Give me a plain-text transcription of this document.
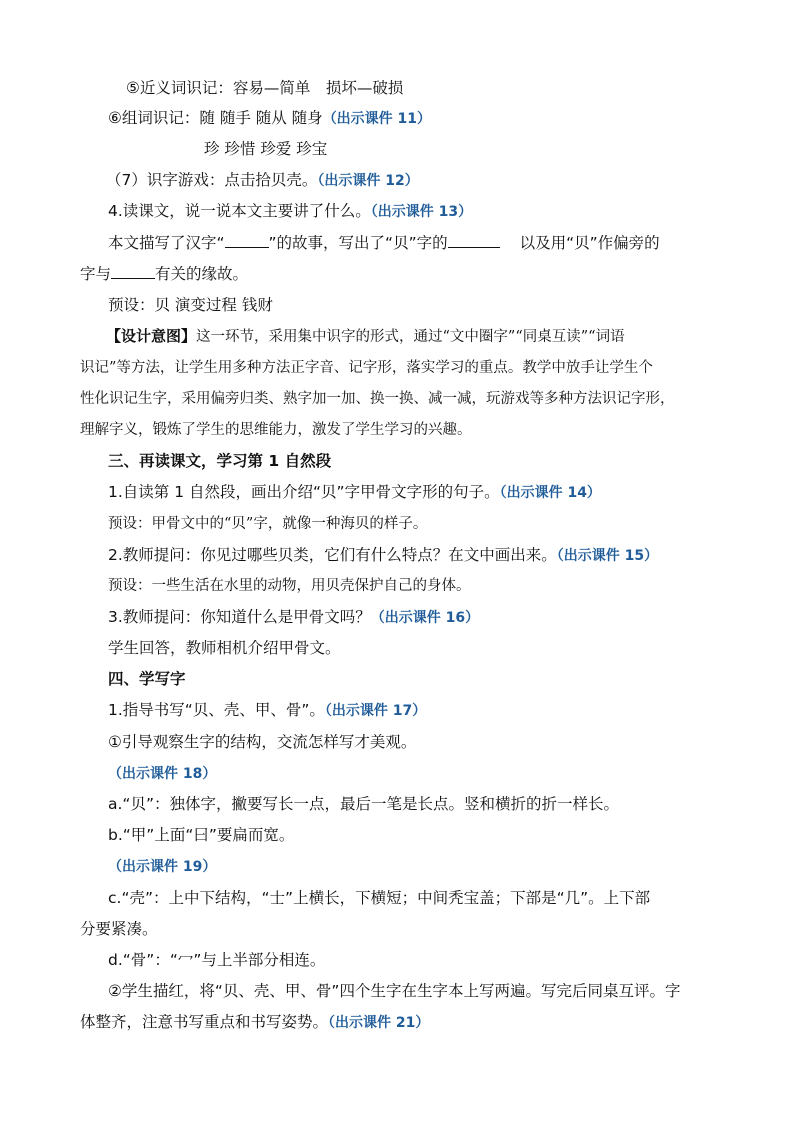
⑤近义词识记：容易—简单　损坏—破损
⑥组词识记：随 随手 随从 随身（出示课件 11）
珍 珍惜 珍爱 珍宝
（7）识字游戏：点击拾贝壳。（出示课件 12）
4.读课文，说一说本文主要讲了什么。（出示课件 13）
本文描写了汉字“	”的故事，写出了“贝”字的	以及用“贝”作偏旁的
字与	有关的缘故。
预设：贝 演变过程 钱财
【设计意图】这一环节，采用集中识字的形式，通过“文中圈字”“同桌互读”“词语
识记”等方法，让学生用多种方法正字音、记字形，落实学习的重点。教学中放手让学生个
性化识记生字，采用偏旁归类、熟字加一加、换一换、减一减，玩游戏等多种方法识记字形，
理解字义，锻炼了学生的思维能力，激发了学生学习的兴趣。
三、再读课文，学习第 1 自然段
1.自读第 1 自然段，画出介绍“贝”字甲骨文字形的句子。（出示课件 14）
预设：甲骨文中的“贝”字，就像一种海贝的样子。
2.教师提问：你见过哪些贝类，它们有什么特点？在文中画出来。（出示课件 15）
预设：一些生活在水里的动物，用贝壳保护自己的身体。
3.教师提问：你知道什么是甲骨文吗？（出示课件 16）
学生回答，教师相机介绍甲骨文。
四、学写字
1.指导书写“贝、壳、甲、骨”。（出示课件 17）
①引导观察生字的结构，交流怎样写才美观。
（出示课件 18）
a.“贝”：独体字，撇要写长一点，最后一笔是长点。竖和横折的折一样长。
b.“甲”上面“曰”要扁而宽。
（出示课件 19）
c.“壳”：上中下结构，“士”上横长，下横短；中间秃宝盖；下部是“几”。上下部
分要紧凑。
d.“骨”：“冖”与上半部分相连。
②学生描红，将“贝、壳、甲、骨”四个生字在生字本上写两遍。写完后同桌互评。字
体整齐，注意书写重点和书写姿势。（出示课件 21）
